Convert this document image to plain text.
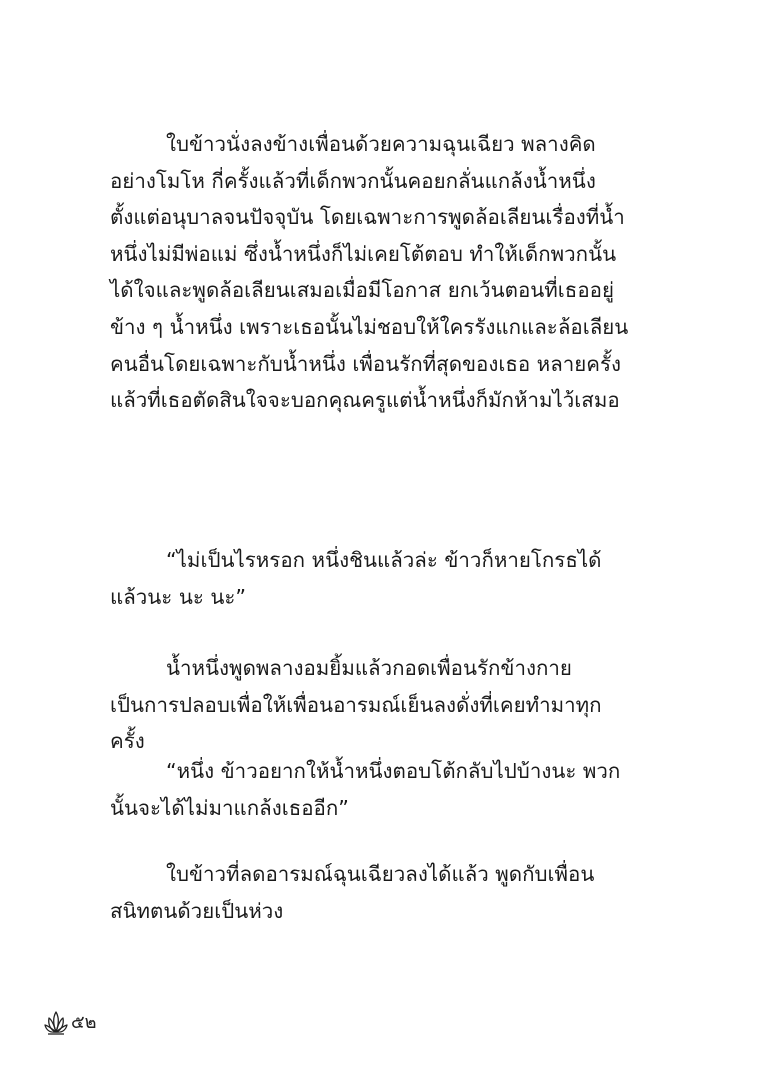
ใบข้าวนั่งลงข้างเพื่อนด้วยความฉุนเฉียว พลางคิดอย่างโมโห กี่ครั้งแล้วที่เด็กพวกนั้นคอยกลั่นแกล้งน้ำหนึ่งตั้งแต่อนุบาลจนปัจจุบัน โดยเฉพาะการพูดล้อเลียนเรื่องที่น้ำหนึ่งไม่มีพ่อแม่ ซึ่งน้ำหนึ่งก็ไม่เคยโต้ตอบ ทำให้เด็กพวกนั้นได้ใจและพูดล้อเลียนเสมอเมื่อมีโอกาส ยกเว้นตอนที่เธออยู่ข้าง ๆ น้ำหนึ่ง เพราะเธอนั้นไม่ชอบให้ใครรังแกและล้อเลียนคนอื่นโดยเฉพาะกับน้ำหนึ่ง เพื่อนรักที่สุดของเธอ หลายครั้งแล้วที่เธอตัดสินใจจะบอกคุณครูแต่น้ำหนึ่งก็มักห้ามไว้เสมอ

“ไม่เป็นไรหรอก หนึ่งชินแล้วล่ะ ข้าวก็หายโกรธได้แล้วนะ นะ นะ”

น้ำหนึ่งพูดพลางอมยิ้มแล้วกอดเพื่อนรักข้างกายเป็นการปลอบเพื่อให้เพื่อนอารมณ์เย็นลงดั่งที่เคยทำมาทุกครั้ง

“หนึ่ง ข้าวอยากให้น้ำหนึ่งตอบโต้กลับไปบ้างนะ พวกนั้นจะได้ไม่มาแกล้งเธออีก”

ใบข้าวที่ลดอารมณ์ฉุนเฉียวลงได้แล้ว พูดกับเพื่อนสนิทตนด้วยเป็นห่วง

๕๒
